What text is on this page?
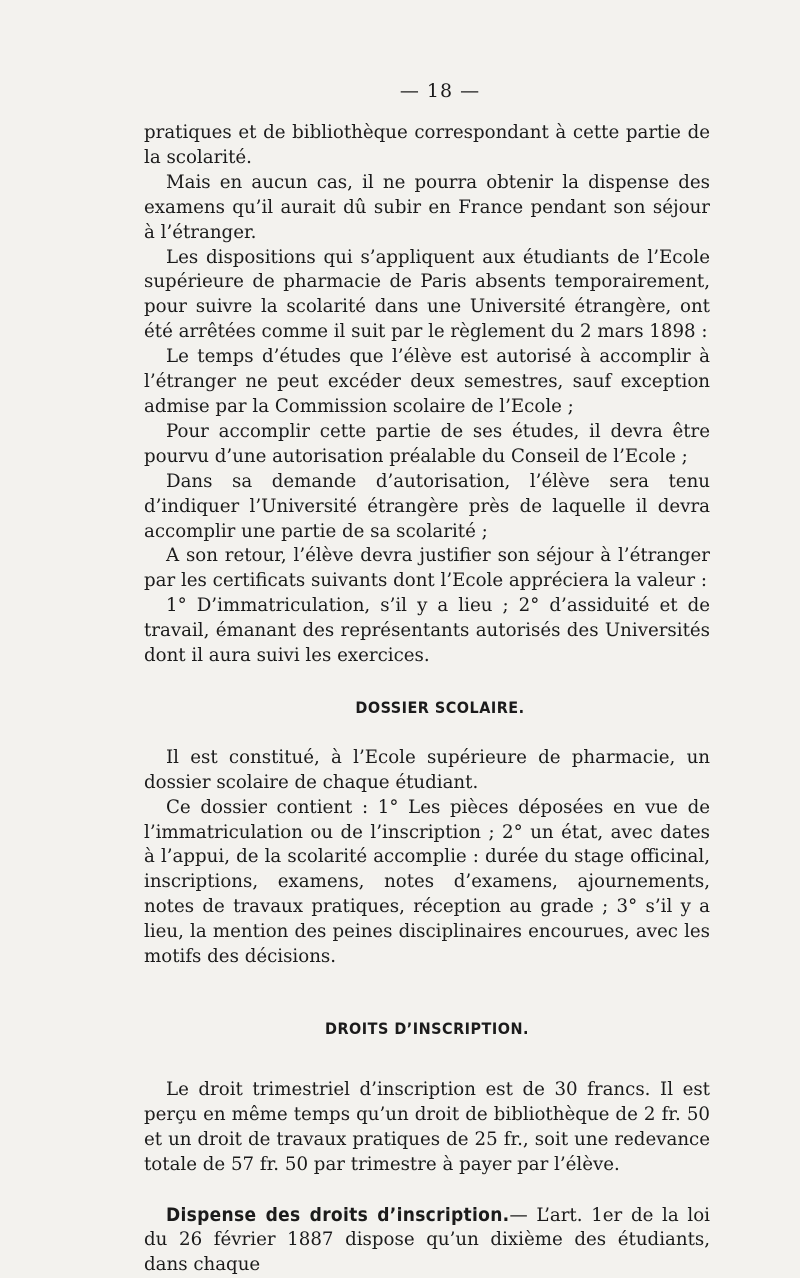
— 18 —

pratiques et de bibliothèque correspondant à cette partie de la scolarité.

Mais en aucun cas, il ne pourra obtenir la dispense des examens qu’il aurait dû subir en France pendant son séjour à l’étranger.

Les dispositions qui s’appliquent aux étudiants de l’Ecole supérieure de pharmacie de Paris absents temporairement, pour suivre la scolarité dans une Université étrangère, ont été arrêtées comme il suit par le règlement du 2 mars 1898 :

Le temps d’études que l’élève est autorisé à accomplir à l’étranger ne peut excéder deux semestres, sauf exception admise par la Commission scolaire de l’Ecole ;

Pour accomplir cette partie de ses études, il devra être pourvu d’une autorisation préalable du Conseil de l’Ecole ;

Dans sa demande d’autorisation, l’élève sera tenu d’indiquer l’Université étrangère près de laquelle il devra accomplir une partie de sa scolarité ;

A son retour, l’élève devra justifier son séjour à l’étranger par les certificats suivants dont l’Ecole appréciera la valeur :

1° D’immatriculation, s’il y a lieu ; 2° d’assiduité et de travail, émanant des représentants autorisés des Universités dont il aura suivi les exercices.

DOSSIER SCOLAIRE.

Il est constitué, à l’Ecole supérieure de pharmacie, un dossier scolaire de chaque étudiant.

Ce dossier contient : 1° Les pièces déposées en vue de l’immatriculation ou de l’inscription ; 2° un état, avec dates à l’appui, de la scolarité accomplie : durée du stage officinal, inscriptions, examens, notes d’examens, ajournements, notes de travaux pratiques, réception au grade ; 3° s’il y a lieu, la mention des peines disciplinaires encourues, avec les motifs des décisions.

DROITS D’INSCRIPTION.

Le droit trimestriel d’inscription est de 30 francs. Il est perçu en même temps qu’un droit de bibliothèque de 2 fr. 50 et un droit de travaux pratiques de 25 fr., soit une redevance totale de 57 fr. 50 par trimestre à payer par l’élève.

Dispense des droits d’inscription.— L’art. 1er de la loi du 26 février 1887 dispose qu’un dixième des étudiants, dans chaque
